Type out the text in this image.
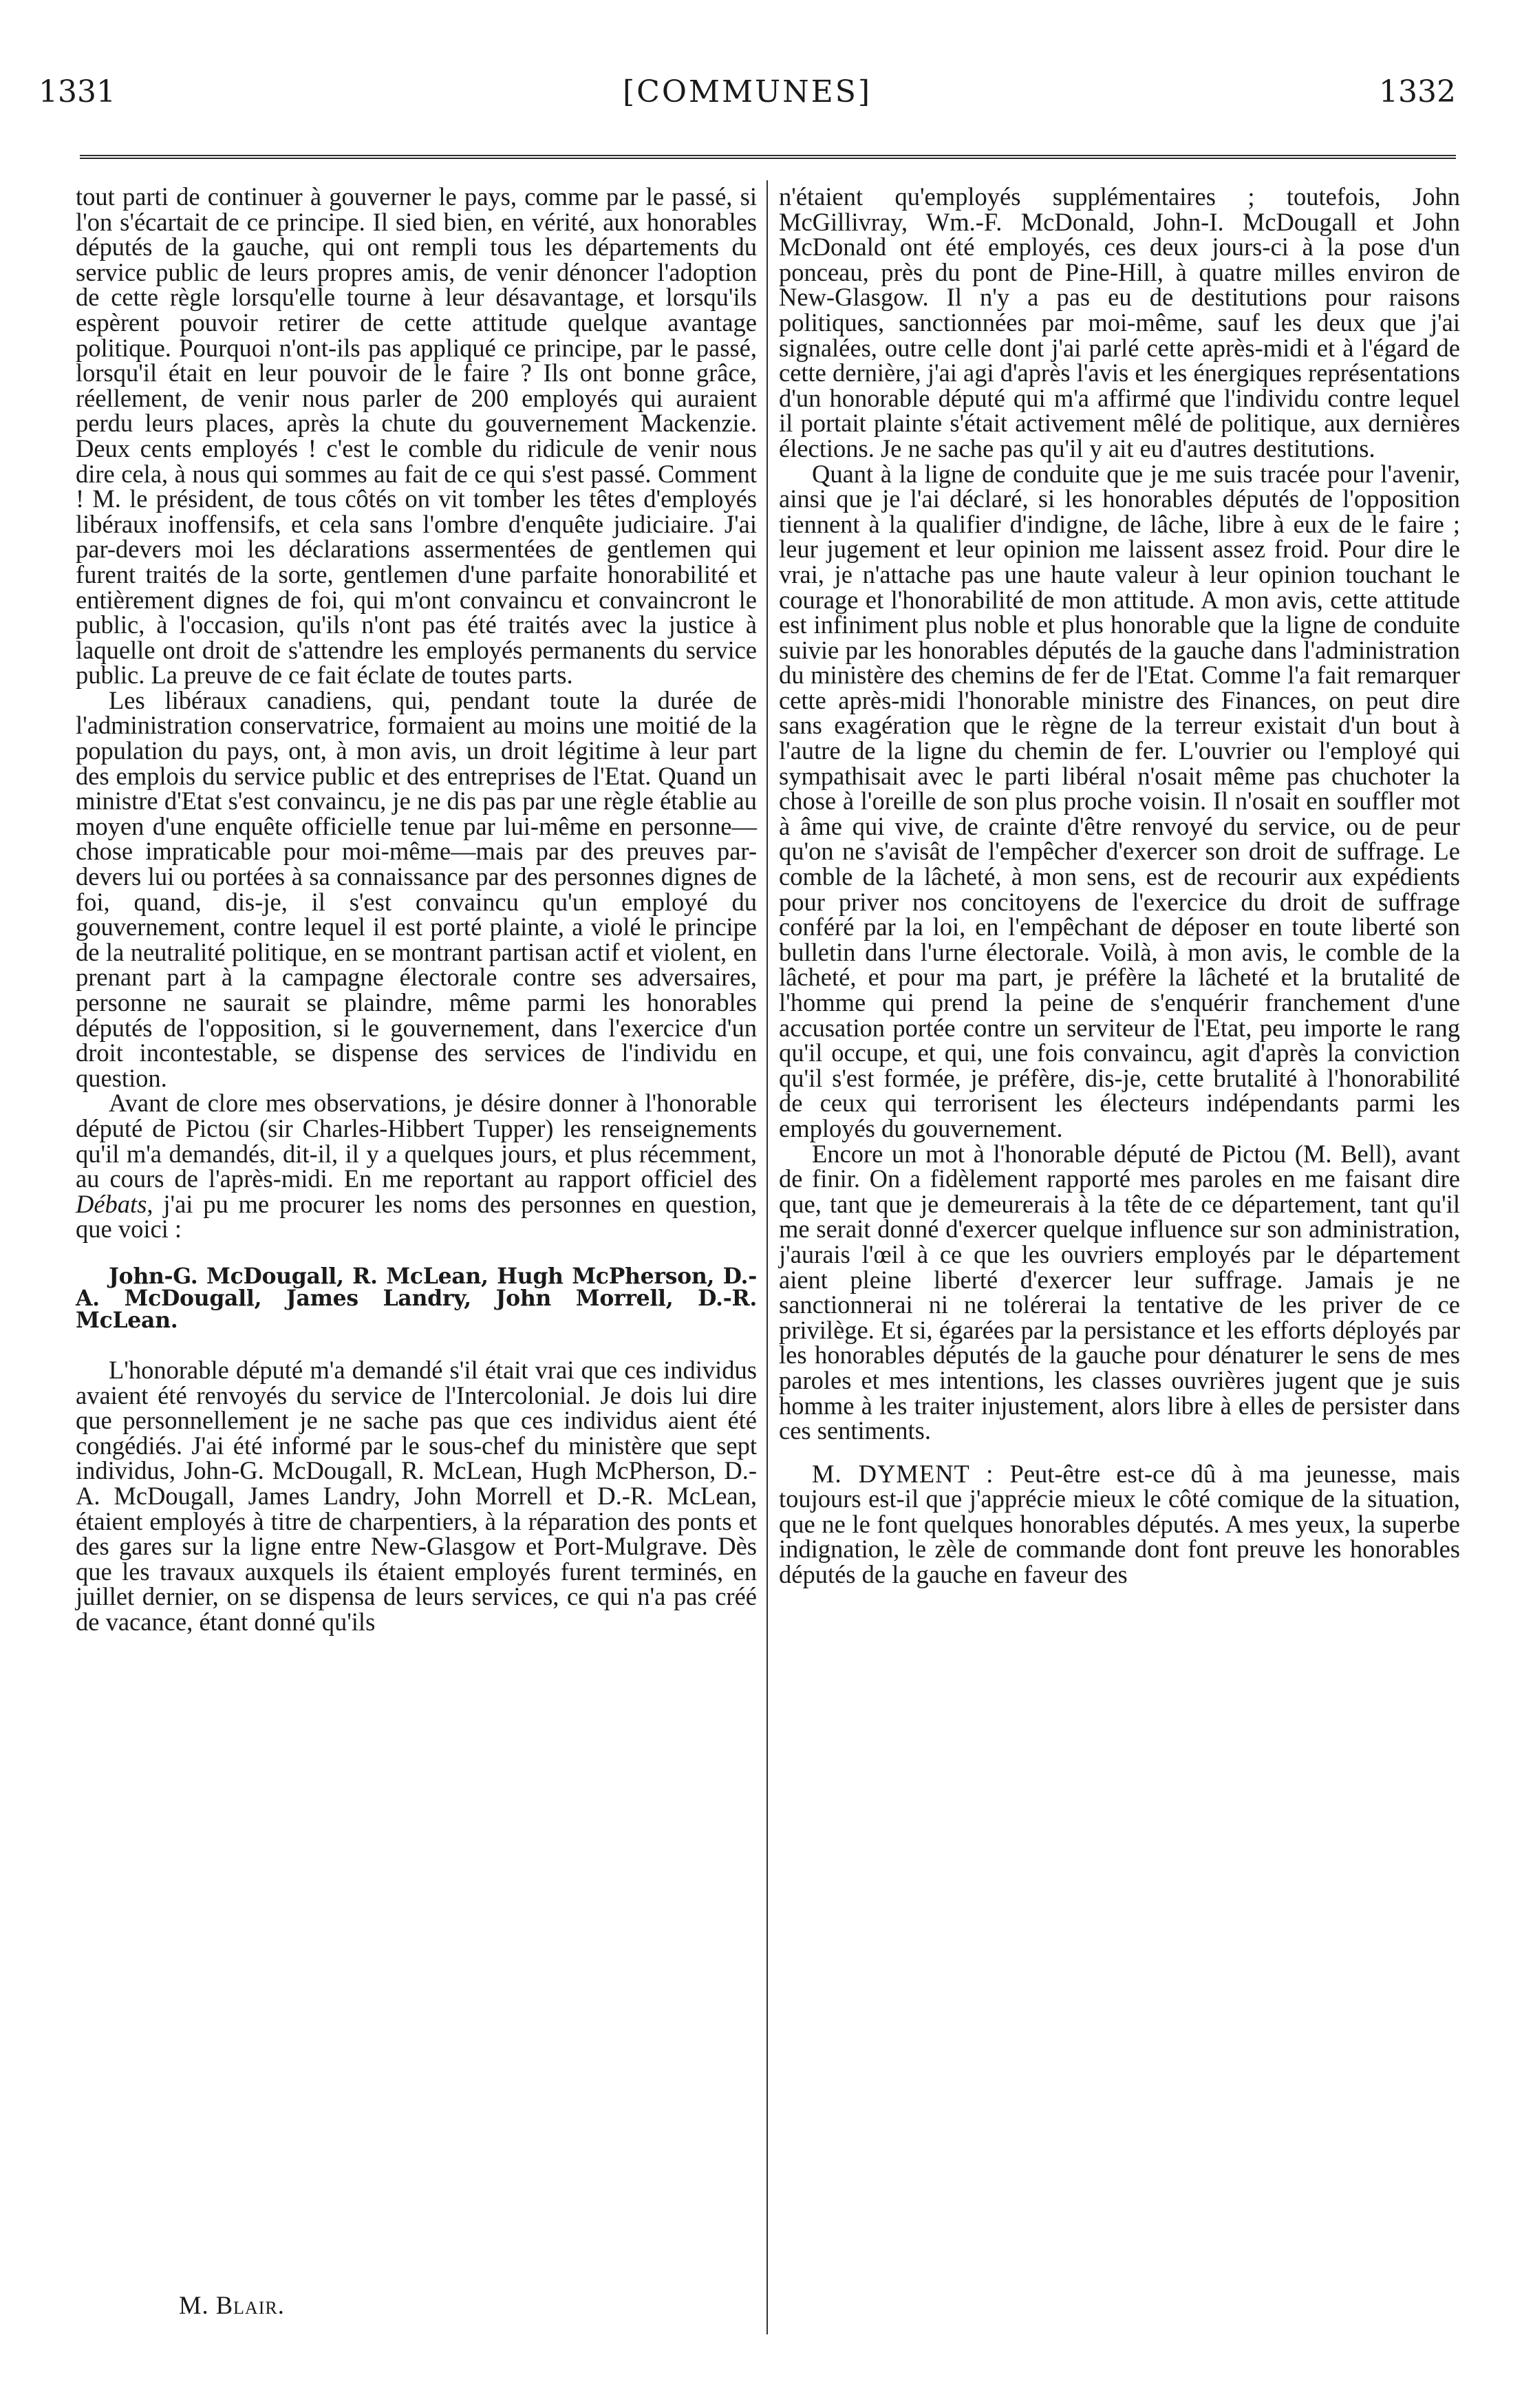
1331	[COMMUNES]	1332

tout parti de continuer à gouverner le pays, comme par le passé, si l'on s'écartait de ce principe. Il sied bien, en vérité, aux honorables députés de la gauche, qui ont rempli tous les départements du service public de leurs propres amis, de venir dénoncer l'adoption de cette règle lorsqu'elle tourne à leur désavantage, et lorsqu'ils espèrent pouvoir retirer de cette attitude quelque avantage politique. Pourquoi n'ont-ils pas appliqué ce principe, par le passé, lorsqu'il était en leur pouvoir de le faire ? Ils ont bonne grâce, réellement, de venir nous parler de 200 employés qui auraient perdu leurs places, après la chute du gouvernement Mackenzie. Deux cents employés ! c'est le comble du ridicule de venir nous dire cela, à nous qui sommes au fait de ce qui s'est passé. Comment ! M. le président, de tous côtés on vit tomber les têtes d'employés libéraux inoffensifs, et cela sans l'ombre d'enquête judiciaire. J'ai par-devers moi les déclarations assermentées de gentlemen qui furent traités de la sorte, gentlemen d'une parfaite honorabilité et entièrement dignes de foi, qui m'ont convaincu et convaincront le public, à l'occasion, qu'ils n'ont pas été traités avec la justice à laquelle ont droit de s'attendre les employés permanents du service public. La preuve de ce fait éclate de toutes parts.

Les libéraux canadiens, qui, pendant toute la durée de l'administration conservatrice, formaient au moins une moitié de la population du pays, ont, à mon avis, un droit légitime à leur part des emplois du service public et des entreprises de l'Etat. Quand un ministre d'Etat s'est convaincu, je ne dis pas par une règle établie au moyen d'une enquête officielle tenue par lui-même en personne—chose impraticable pour moi-même—mais par des preuves par-devers lui ou portées à sa connaissance par des personnes dignes de foi, quand, dis-je, il s'est convaincu qu'un employé du gouvernement, contre lequel il est porté plainte, a violé le principe de la neutralité politique, en se montrant partisan actif et violent, en prenant part à la campagne électorale contre ses adversaires, personne ne saurait se plaindre, même parmi les honorables députés de l'opposition, si le gouvernement, dans l'exercice d'un droit incontestable, se dispense des services de l'individu en question.

Avant de clore mes observations, je désire donner à l'honorable député de Pictou (sir Charles-Hibbert Tupper) les renseignements qu'il m'a demandés, dit-il, il y a quelques jours, et plus récemment, au cours de l'après-midi. En me reportant au rapport officiel des Débats, j'ai pu me procurer les noms des personnes en question, que voici :

John-G. McDougall, R. McLean, Hugh McPherson, D.-A. McDougall, James Landry, John Morrell, D.-R. McLean.

L'honorable député m'a demandé s'il était vrai que ces individus avaient été renvoyés du service de l'Intercolonial. Je dois lui dire que personnellement je ne sache pas que ces individus aient été congédiés. J'ai été informé par le sous-chef du ministère que sept individus, John-G. McDougall, R. McLean, Hugh McPherson, D.-A. McDougall, James Landry, John Morrell et D.-R. McLean, étaient employés à titre de charpentiers, à la réparation des ponts et des gares sur la ligne entre New-Glasgow et Port-Mulgrave. Dès que les travaux auxquels ils étaient employés furent terminés, en juillet dernier, on se dispensa de leurs services, ce qui n'a pas créé de vacance, étant donné qu'ils

M. Blair.

n'étaient qu'employés supplémentaires ; toutefois, John McGillivray, Wm.-F. McDonald, John-I. McDougall et John McDonald ont été employés, ces deux jours-ci à la pose d'un ponceau, près du pont de Pine-Hill, à quatre milles environ de New-Glasgow. Il n'y a pas eu de destitutions pour raisons politiques, sanctionnées par moi-même, sauf les deux que j'ai signalées, outre celle dont j'ai parlé cette après-midi et à l'égard de cette dernière, j'ai agi d'après l'avis et les énergiques représentations d'un honorable député qui m'a affirmé que l'individu contre lequel il portait plainte s'était activement mêlé de politique, aux dernières élections. Je ne sache pas qu'il y ait eu d'autres destitutions.

Quant à la ligne de conduite que je me suis tracée pour l'avenir, ainsi que je l'ai déclaré, si les honorables députés de l'opposition tiennent à la qualifier d'indigne, de lâche, libre à eux de le faire ; leur jugement et leur opinion me laissent assez froid. Pour dire le vrai, je n'attache pas une haute valeur à leur opinion touchant le courage et l'honorabilité de mon attitude. A mon avis, cette attitude est infiniment plus noble et plus honorable que la ligne de conduite suivie par les honorables députés de la gauche dans l'administration du ministère des chemins de fer de l'Etat. Comme l'a fait remarquer cette après-midi l'honorable ministre des Finances, on peut dire sans exagération que le règne de la terreur existait d'un bout à l'autre de la ligne du chemin de fer. L'ouvrier ou l'employé qui sympathisait avec le parti libéral n'osait même pas chuchoter la chose à l'oreille de son plus proche voisin. Il n'osait en souffler mot à âme qui vive, de crainte d'être renvoyé du service, ou de peur qu'on ne s'avisât de l'empêcher d'exercer son droit de suffrage. Le comble de la lâcheté, à mon sens, est de recourir aux expédients pour priver nos concitoyens de l'exercice du droit de suffrage conféré par la loi, en l'empêchant de déposer en toute liberté son bulletin dans l'urne électorale. Voilà, à mon avis, le comble de la lâcheté, et pour ma part, je préfère la lâcheté et la brutalité de l'homme qui prend la peine de s'enquérir franchement d'une accusation portée contre un serviteur de l'Etat, peu importe le rang qu'il occupe, et qui, une fois convaincu, agit d'après la conviction qu'il s'est formée, je préfère, dis-je, cette brutalité à l'honorabilité de ceux qui terrorisent les électeurs indépendants parmi les employés du gouvernement.

Encore un mot à l'honorable député de Pictou (M. Bell), avant de finir. On a fidèlement rapporté mes paroles en me faisant dire que, tant que je demeurerais à la tête de ce département, tant qu'il me serait donné d'exercer quelque influence sur son administration, j'aurais l'œil à ce que les ouvriers employés par le département aient pleine liberté d'exercer leur suffrage. Jamais je ne sanctionnerai ni ne tolérerai la tentative de les priver de ce privilège. Et si, égarées par la persistance et les efforts déployés par les honorables députés de la gauche pour dénaturer le sens de mes paroles et mes intentions, les classes ouvrières jugent que je suis homme à les traiter injustement, alors libre à elles de persister dans ces sentiments.

M. DYMENT : Peut-être est-ce dû à ma jeunesse, mais toujours est-il que j'apprécie mieux le côté comique de la situation, que ne le font quelques honorables députés. A mes yeux, la superbe indignation, le zèle de commande dont font preuve les honorables députés de la gauche en faveur des
